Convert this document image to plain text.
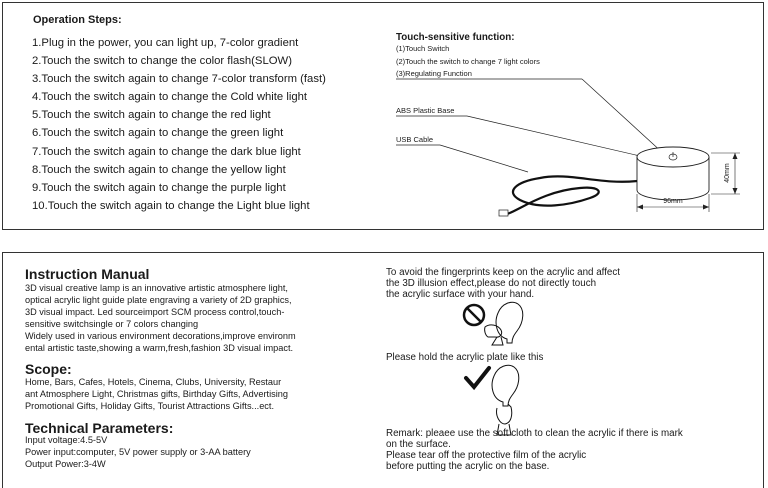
Operation Steps:
1.Plug in the power, you can light up, 7-color gradient
2.Touch the switch to change the color flash(SLOW)
3.Touch the switch again to change 7-color transform (fast)
4.Touch the switch again to change the Cold white light
5.Touch the switch again to change the red light
6.Touch the switch again to change the green light
7.Touch the switch again to change the dark blue light
8.Touch the switch again to change the yellow light
9.Touch the switch again to change the purple light
10.Touch the switch again to change the Light blue light
Touch-sensitive function:
(1)Touch Switch
(2)Touch the switch to change 7 light colors
(3)Regulating Function
ABS Plastic Base
USB Cable
40mm
96mm
Instruction Manual
3D visual creative lamp is an innovative artistic atmosphere light,
optical acrylic light guide plate engraving a variety of 2D graphics,
3D visual impact. Led sourceimport SCM process control,touch-
sensitive switchsingle or 7 colors changing
Widely used in various environment decorations,improve environm
ental artistic taste,showing a warm,fresh,fashion 3D visual impact.
Scope:
Home, Bars, Cafes, Hotels, Cinema, Clubs, University, Restaur
ant Atmosphere Light, Christmas gifts, Birthday Gifts, Advertising
Promotional Gifts, Holiday Gifts, Tourist Attractions Gifts...ect.
Technical Parameters:
Input voltage:4.5-5V
Power input:computer, 5V power supply or 3-AA battery
Output Power:3-4W
To avoid the fingerprints keep on the acrylic and affect
the 3D illusion effect,please do not directly touch
the acrylic surface with your hand.
Please hold the acrylic plate like this
Remark: pleaee use the soft cloth to clean the acrylic if there is mark
on the surface.
Please tear off the protective film of the acrylic
before putting the acrylic on the base.
